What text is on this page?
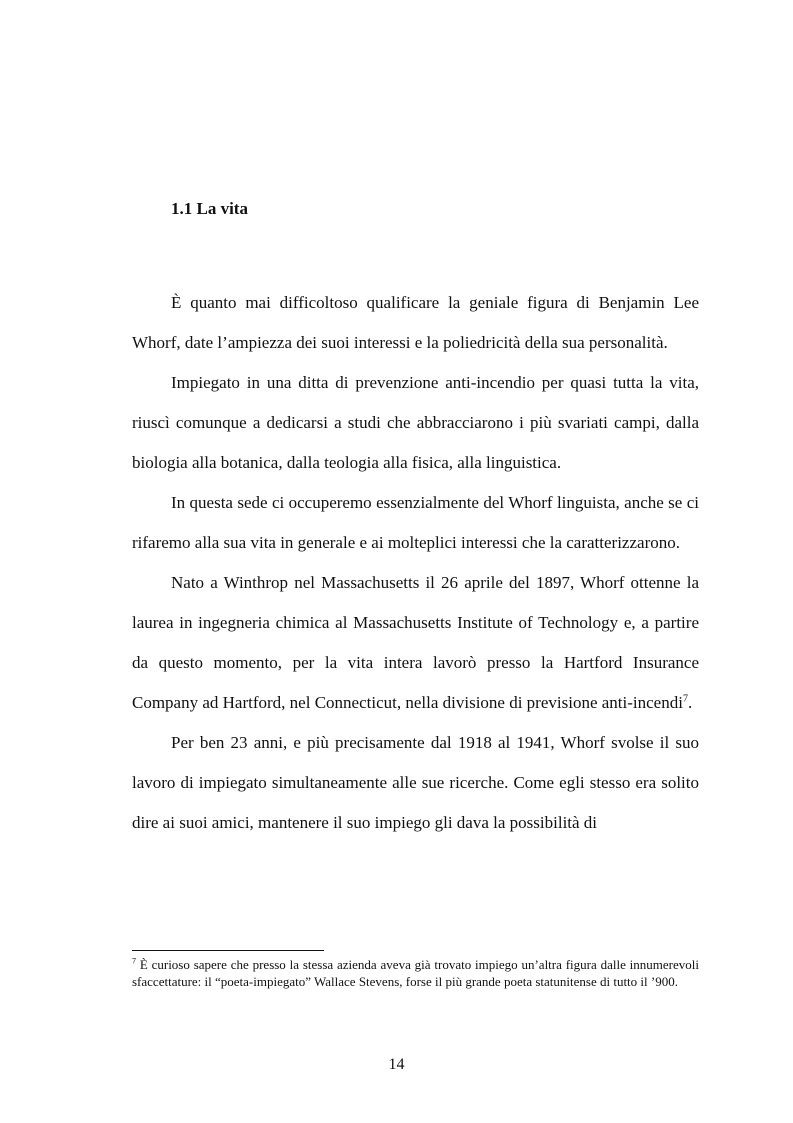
1.1 La vita

È quanto mai difficoltoso qualificare la geniale figura di Benjamin Lee Whorf, date l’ampiezza dei suoi interessi e la poliedricità della sua personalità.

Impiegato in una ditta di prevenzione anti-incendio per quasi tutta la vita, riuscì comunque a dedicarsi a studi che abbracciarono i più svariati campi, dalla biologia alla botanica, dalla teologia alla fisica, alla linguistica.

In questa sede ci occuperemo essenzialmente del Whorf linguista, anche se ci rifaremo alla sua vita in generale e ai molteplici interessi che la caratterizzarono.

Nato a Winthrop nel Massachusetts il 26 aprile del 1897, Whorf ottenne la laurea in ingegneria chimica al Massachusetts Institute of Technology e, a partire da questo momento, per la vita intera lavorò presso la Hartford Insurance Company ad Hartford, nel Connecticut, nella divisione di previsione anti-incendi$^7$.

Per ben 23 anni, e più precisamente dal 1918 al 1941, Whorf svolse il suo lavoro di impiegato simultaneamente alle sue ricerche. Come egli stesso era solito dire ai suoi amici, mantenere il suo impiego gli dava la possibilità di

$^7$ È curioso sapere che presso la stessa azienda aveva già trovato impiego un’altra figura dalle innumerevoli sfaccettature: il “poeta-impiegato” Wallace Stevens, forse il più grande poeta statunitense di tutto il ’900.
14
